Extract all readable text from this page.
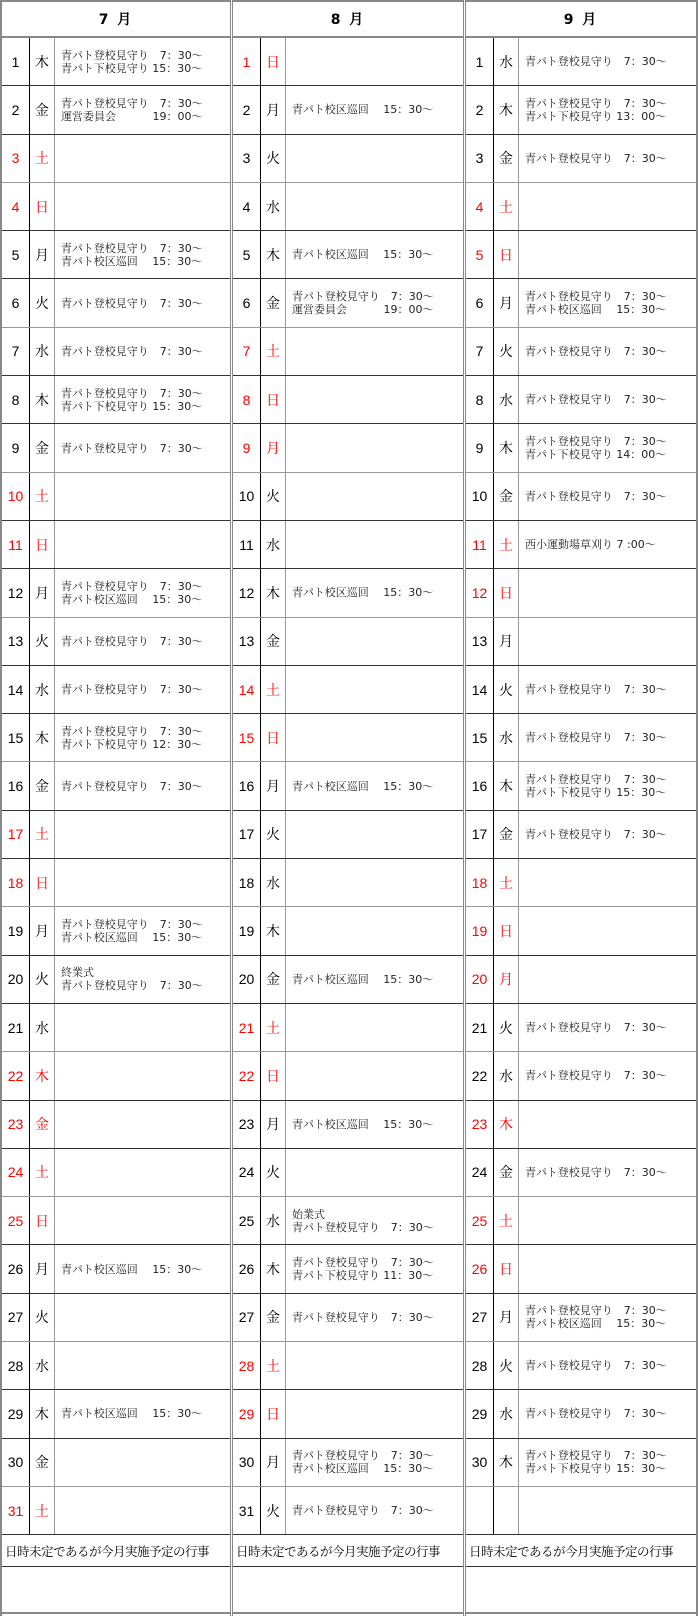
7 月
1	木	青パト登校見守り　7：30～
青パト下校見守り 15：30～
2	金	青パト登校見守り　7：30～
運営委員会　　　 19：00～
3	土
4	日
5	月	青パト登校見守り　7：30～
青パト校区巡回　 15：30～
6	火	青パト登校見守り　7：30～
7	水	青パト登校見守り　7：30～
8	木	青パト登校見守り　7：30～
青パト下校見守り 15：30～
9	金	青パト登校見守り　7：30～
10 土
11 日
12 月	青パト登校見守り　7：30～
青パト校区巡回　 15：30～
13 火	青パト登校見守り　7：30～
14 水	青パト登校見守り　7：30～
15 木	青パト登校見守り　7：30～
青パト下校見守り 12：30～
16 金	青パト登校見守り　7：30～
17 土
18 日
19 月	青パト登校見守り　7：30～
青パト校区巡回　 15：30～
20 火	終業式
青パト登校見守り　7：30～
21 水
22 木
23 金
24 土
25 日
26 月	青パト校区巡回　 15：30～
27 火
28 水
29 木	青パト校区巡回　 15：30～
30 金
31 土
日時未定であるが今月実施予定の行事
8 月
1	日
2	月	青パト校区巡回　 15：30～
3	火
4	水
5	木	青パト校区巡回　 15：30～
6	金	青パト登校見守り　7：30～
運営委員会　　　 19：00～
7	土
8	日
9	月
10 火
11 水
12 木	青パト校区巡回　 15：30～
13 金
14 土
15 日
16 月	青パト校区巡回　 15：30～
17 火
18 水
19 木
20 金	青パト校区巡回　 15：30～
21 土
22 日
23 月	青パト校区巡回　 15：30～
24 火
25 水	始業式
青パト登校見守り　7：30～
26 木	青パト登校見守り　7：30～
青パト下校見守り 11：30～
27 金	青パト登校見守り　7：30～
28 土
29 日
30 月	青パト登校見守り　7：30～
青パト校区巡回　 15：30～
31 火	青パト登校見守り　7：30～
日時未定であるが今月実施予定の行事
9 月
1	水	青パト登校見守り　7：30～
2	木	青パト登校見守り　7：30～
青パト下校見守り 13：00～
3	金	青パト登校見守り　7：30～
4	土
5	日
6	月	青パト登校見守り　7：30～
青パト校区巡回　 15：30～
7	火	青パト登校見守り　7：30～
8	水	青パト登校見守り　7：30～
9	木	青パト登校見守り　7：30～
青パト下校見守り 14：00～
10 金	青パト登校見守り　7：30～
11 土	西小運動場草刈り 7 :00～
12 日
13 月
14 火	青パト登校見守り　7：30～
15 水	青パト登校見守り　7：30～
16 木	青パト登校見守り　7：30～
青パト下校見守り 15：30～
17 金	青パト登校見守り　7：30～
18 土
19 日
20 月
21 火	青パト登校見守り　7：30～
22 水	青パト登校見守り　7：30～
23 木
24 金	青パト登校見守り　7：30～
25 土
26 日
27 月	青パト登校見守り　7：30～
青パト校区巡回　 15：30～
28 火	青パト登校見守り　7：30～
29 水	青パト登校見守り　7：30～
30 木	青パト登校見守り　7：30～
青パト下校見守り 15：30～
日時未定であるが今月実施予定の行事
